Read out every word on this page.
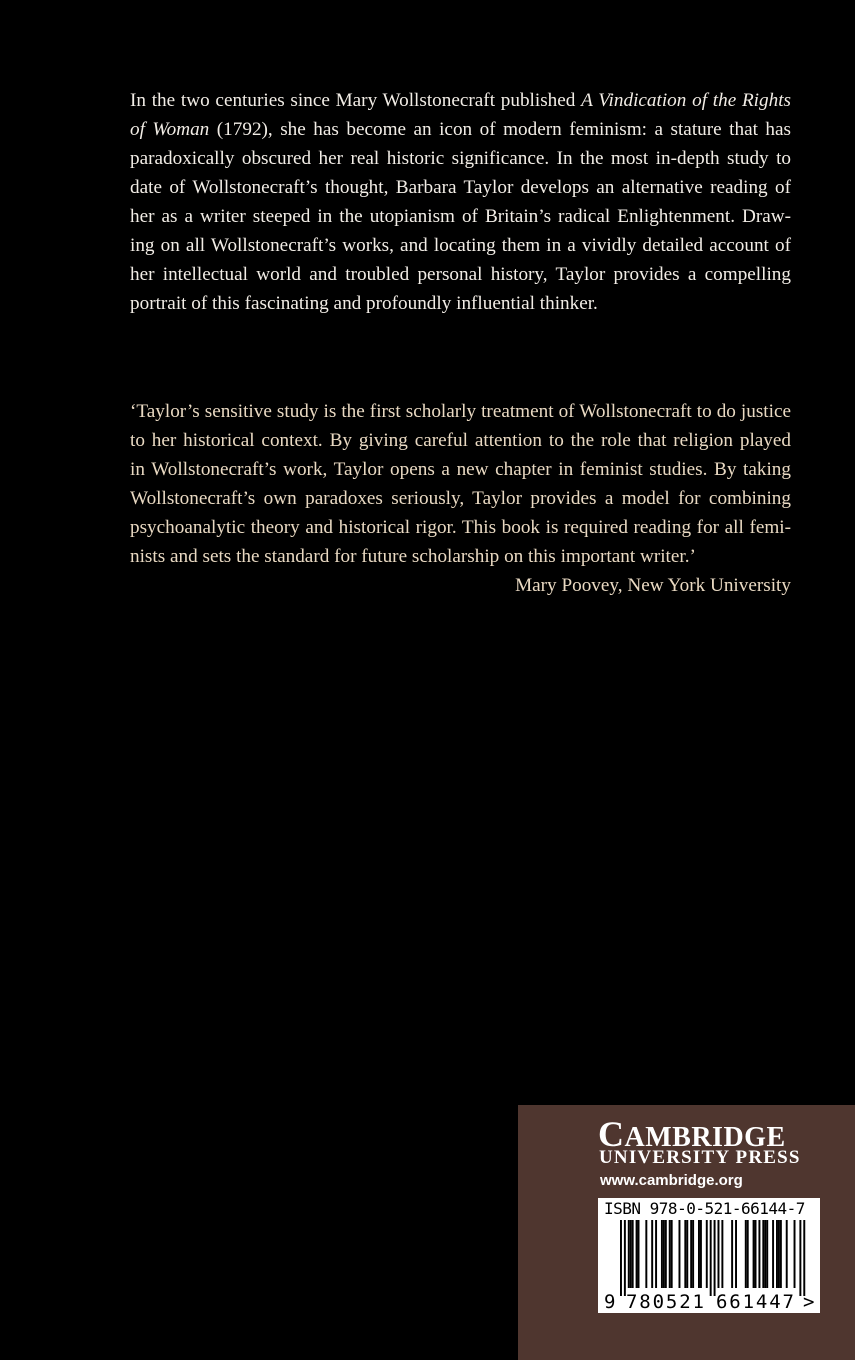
In the two centuries since Mary Wollstonecraft published A Vindication of the Rights
of Woman (1792), she has become an icon of modern feminism: a stature that has
paradoxically obscured her real historic significance. In the most in-depth study to
date of Wollstonecraft’s thought, Barbara Taylor develops an alternative reading of
her as a writer steeped in the utopianism of Britain’s radical Enlightenment. Draw-
ing on all Wollstonecraft’s works, and locating them in a vividly detailed account of
her intellectual world and troubled personal history, Taylor provides a compelling
portrait of this fascinating and profoundly influential thinker.
‘Taylor’s sensitive study is the first scholarly treatment of Wollstonecraft to do justice
to her historical context. By giving careful attention to the role that religion played
in Wollstonecraft’s work, Taylor opens a new chapter in feminist studies. By taking
Wollstonecraft’s own paradoxes seriously, Taylor provides a model for combining
psychoanalytic theory and historical rigor. This book is required reading for all femi-
nists and sets the standard for future scholarship on this important writer.’
Mary Poovey, New York University
CAMBRIDGE
UNIVERSITY PRESS
www.cambridge.org
ISBN 978-0-521-66144-7
9 780521 661447 >
